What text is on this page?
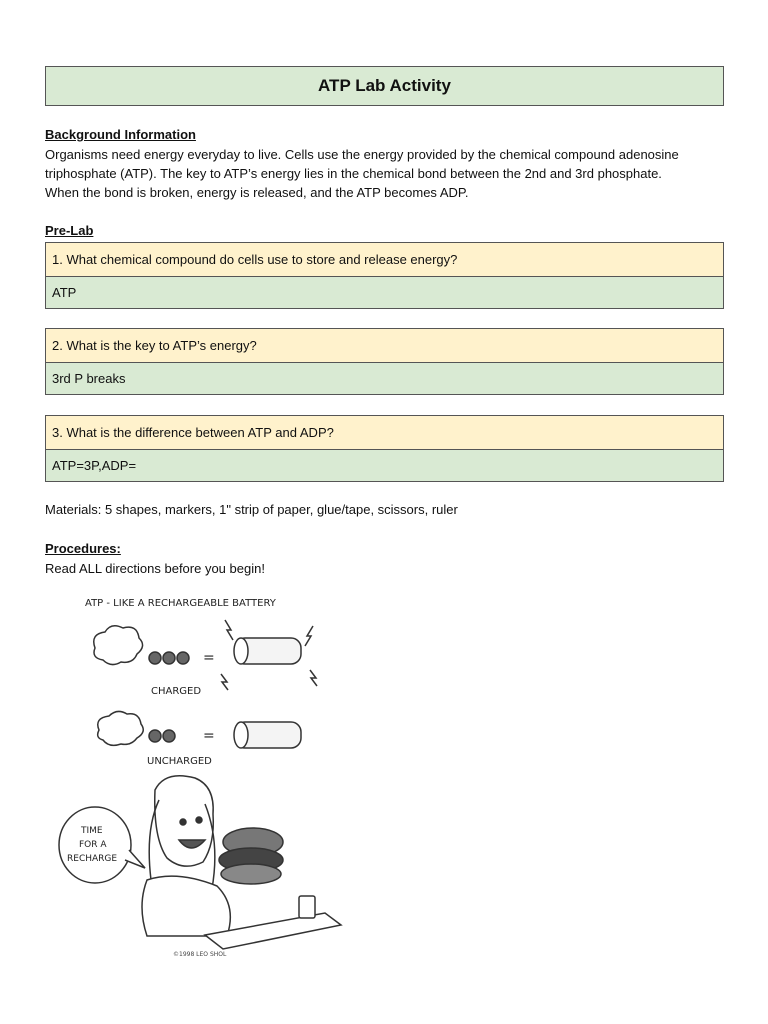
ATP Lab Activity
Background Information
Organisms need energy everyday to live. Cells use the energy provided by the chemical compound adenosine
triphosphate (ATP). The key to ATP’s energy lies in the chemical bond between the 2nd and 3rd phosphate.
When the bond is broken, energy is released, and the ATP becomes ADP.
Pre-Lab
1. What chemical compound do cells use to store and release energy?
ATP
2. What is the key to ATP’s energy?
3rd P breaks
3. What is the difference between ATP and ADP?
ATP=3P,ADP=
Materials: 5 shapes, markers, 1" strip of paper, glue/tape, scissors, ruler
Procedures:
Read ALL directions before you begin!
ATP - LIKE A RECHARGEABLE BATTERY
=
CHARGED
=
UNCHARGED
TIME
FOR A
RECHARGE
©1998 LEO SHOL
